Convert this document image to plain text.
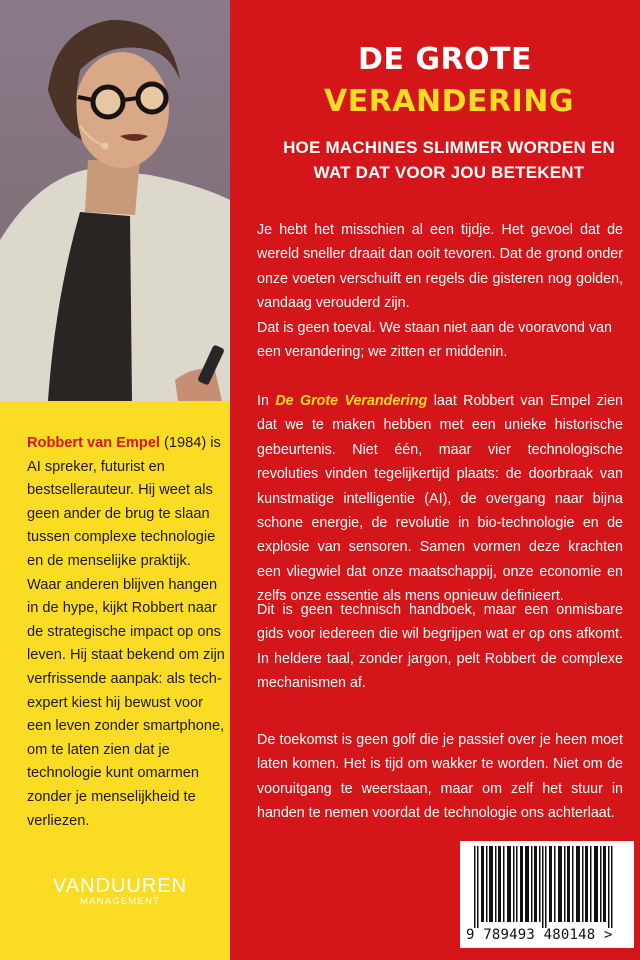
Robbert van Empel (1984) is AI spreker, futurist en bestsellerauteur. Hij weet als geen ander de brug te slaan tussen complexe technologie en de menselijke praktijk. Waar anderen blijven hangen in de hype, kijkt Robbert naar de strategische impact op ons leven. Hij staat bekend om zijn verfrissende aanpak: als tech-expert kiest hij bewust voor een leven zonder smartphone, om te laten zien dat je technologie kunt omarmen zonder je menselijkheid te verliezen.
VANDUUREN
MANAGEMENT
DE GROTE
VERANDERING
HOE MACHINES SLIMMER WORDEN EN
WAT DAT VOOR JOU BETEKENT

Je hebt het misschien al een tijdje. Het gevoel dat de wereld sneller draait dan ooit tevoren. Dat de grond onder onze voeten verschuift en regels die gisteren nog golden, vandaag verouderd zijn.

Dat is geen toeval. We staan niet aan de vooravond van een verandering; we zitten er middenin.

In De Grote Verandering laat Robbert van Empel zien dat we te maken hebben met een unieke historische gebeurtenis. Niet één, maar vier technologische revoluties vinden tegelijkertijd plaats: de doorbraak van kunstmatige intelligentie (AI), de overgang naar bijna schone energie, de revolutie in bio-technologie en de explosie van sensoren. Samen vormen deze krachten een vliegwiel dat onze maatschappij, onze economie en zelfs onze essentie als mens opnieuw definieert.

Dit is geen technisch handboek, maar een onmisbare gids voor iedereen die wil begrijpen wat er op ons afkomt. In heldere taal, zonder jargon, pelt Robbert de complexe mechanismen af.

De toekomst is geen golf die je passief over je heen moet laten komen. Het is tijd om wakker te worden. Niet om de vooruitgang te weerstaan, maar om zelf het stuur in handen te nemen voordat de technologie ons achterlaat.

9 789493 480148 >
